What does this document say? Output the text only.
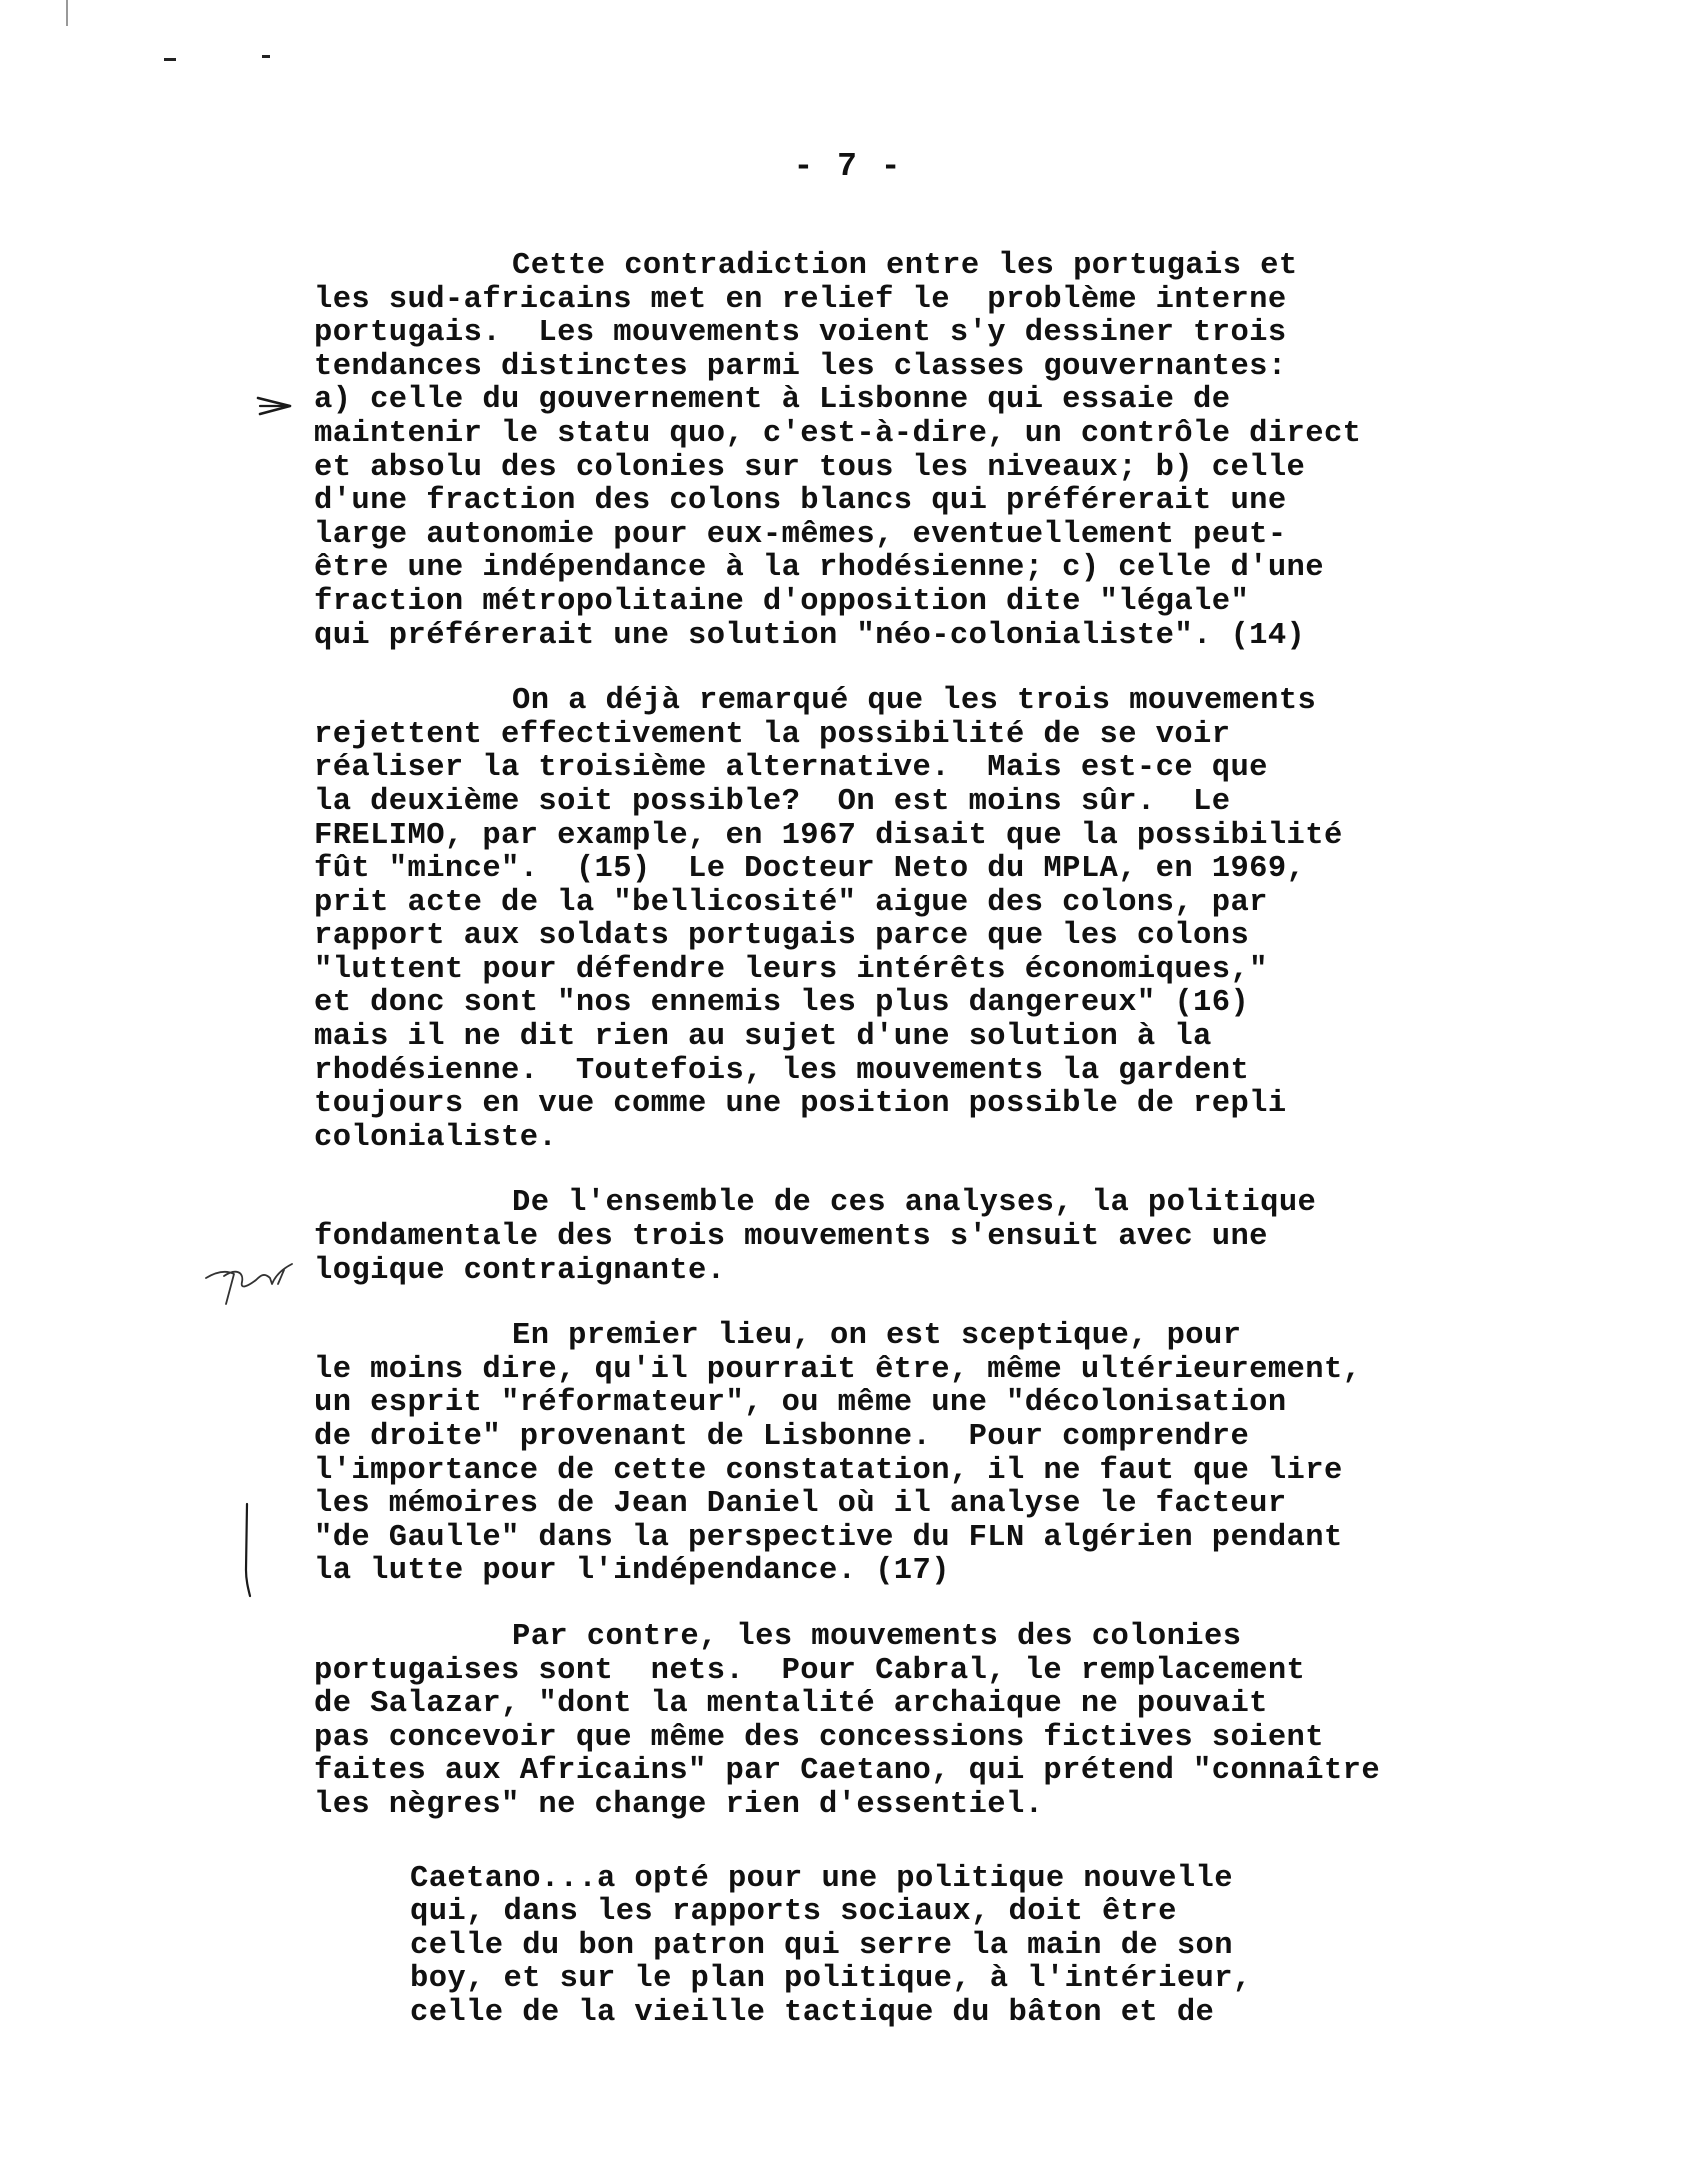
- 7 -
Cette contradiction entre les portugais et
les sud-africains met en relief le  problème interne
portugais.  Les mouvements voient s'y dessiner trois
tendances distinctes parmi les classes gouvernantes:
a) celle du gouvernement à Lisbonne qui essaie de
maintenir le statu quo, c'est-à-dire, un contrôle direct
et absolu des colonies sur tous les niveaux; b) celle
d'une fraction des colons blancs qui préférerait une
large autonomie pour eux-mêmes, eventuellement peut-
être une indépendance à la rhodésienne; c) celle d'une
fraction métropolitaine d'opposition dite "légale"
qui préférerait une solution "néo-colonialiste". (14)
On a déjà remarqué que les trois mouvements
rejettent effectivement la possibilité de se voir
réaliser la troisième alternative.  Mais est-ce que
la deuxième soit possible?  On est moins sûr.  Le
FRELIMO, par example, en 1967 disait que la possibilité
fût "mince".  (15)  Le Docteur Neto du MPLA, en 1969,
prit acte de la "bellicosité" aigue des colons, par
rapport aux soldats portugais parce que les colons
"luttent pour défendre leurs intérêts économiques,"
et donc sont "nos ennemis les plus dangereux" (16)
mais il ne dit rien au sujet d'une solution à la
rhodésienne.  Toutefois, les mouvements la gardent
toujours en vue comme une position possible de repli
colonialiste.
De l'ensemble de ces analyses, la politique
fondamentale des trois mouvements s'ensuit avec une
logique contraignante.
En premier lieu, on est sceptique, pour
le moins dire, qu'il pourrait être, même ultérieurement,
un esprit "réformateur", ou même une "décolonisation
de droite" provenant de Lisbonne.  Pour comprendre
l'importance de cette constatation, il ne faut que lire
les mémoires de Jean Daniel où il analyse le facteur
"de Gaulle" dans la perspective du FLN algérien pendant
la lutte pour l'indépendance. (17)
Par contre, les mouvements des colonies
portugaises sont  nets.  Pour Cabral, le remplacement
de Salazar, "dont la mentalité archaique ne pouvait
pas concevoir que même des concessions fictives soient
faites aux Africains" par Caetano, qui prétend "connaître
les nègres" ne change rien d'essentiel.
Caetano...a opté pour une politique nouvelle
qui, dans les rapports sociaux, doit être
celle du bon patron qui serre la main de son
boy, et sur le plan politique, à l'intérieur,
celle de la vieille tactique du bâton et de
